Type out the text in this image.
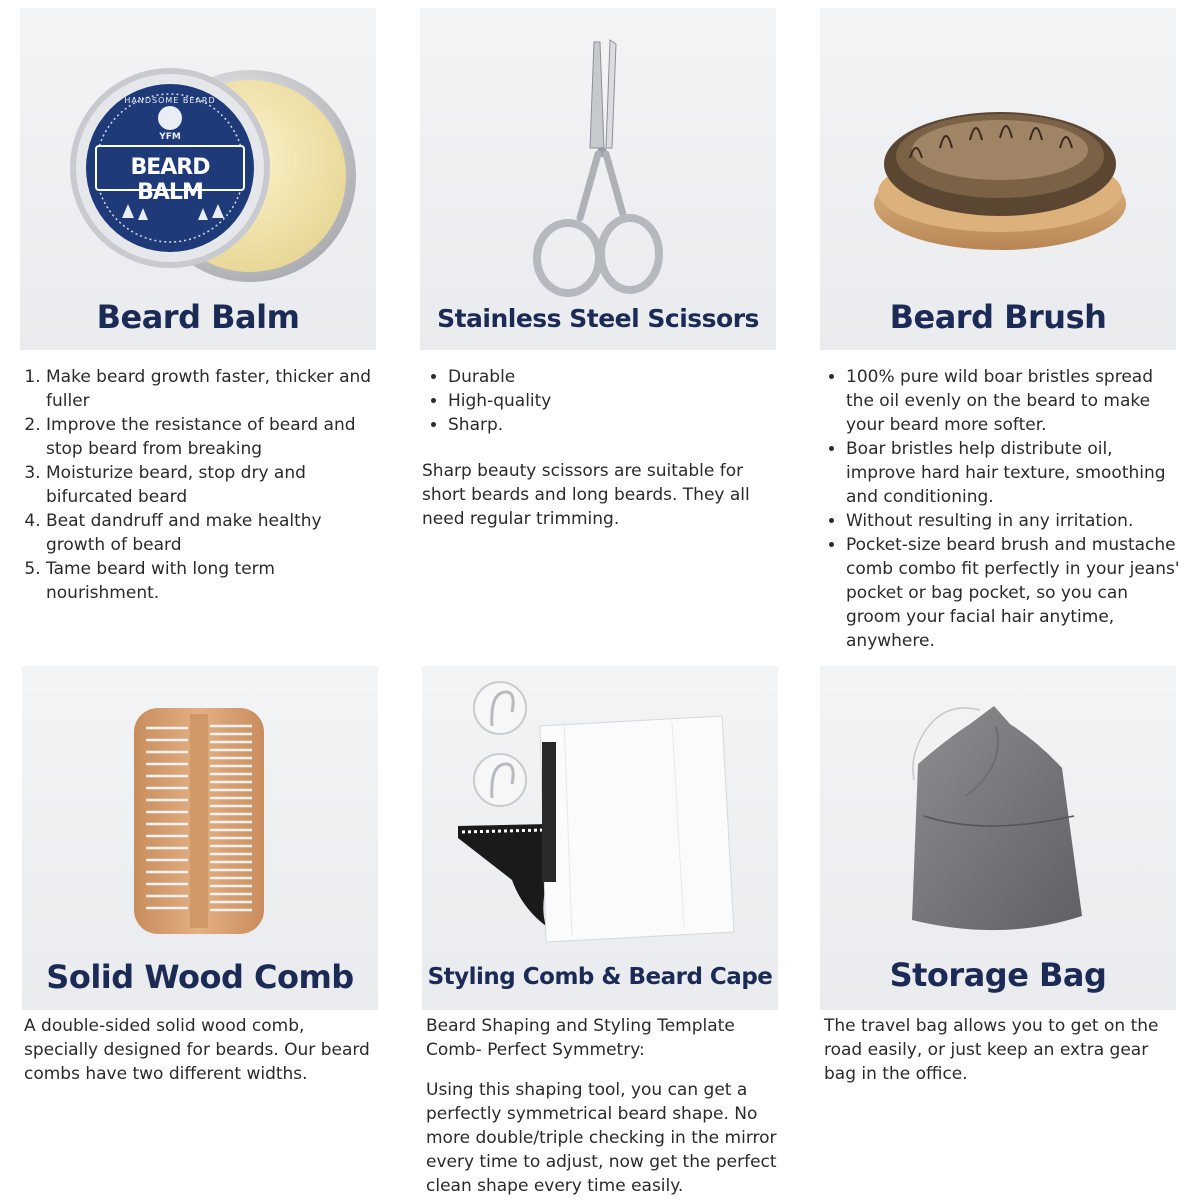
HANDSOME BEARD
YFM
BEARD BALM
Beard Balm
1. Make beard growth faster, thicker and fuller
2. Improve the resistance of beard and stop beard from breaking
3. Moisturize beard, stop dry and bifurcated beard
4. Beat dandruff and make healthy growth of beard
5. Tame beard with long term nourishment.
Stainless Steel Scissors
• Durable
• High-quality
• Sharp.

Sharp beauty scissors are suitable for short beards and long beards. They all need regular trimming.

Beard Brush
• 100% pure wild boar bristles spread the oil evenly on the beard to make your beard more softer.
• Boar bristles help distribute oil, improve hard hair texture, smoothing and conditioning.
• Without resulting in any irritation.
• Pocket-size beard brush and mustache comb combo fit perfectly in your jeans' pocket or bag pocket, so you can groom your facial hair anytime, anywhere.
Solid Wood Comb

A double-sided solid wood comb, specially designed for beards. Our beard combs have two different widths.

Styling Comb & Beard Cape

Beard Shaping and Styling Template Comb- Perfect Symmetry:

Using this shaping tool, you can get a perfectly symmetrical beard shape. No more double/triple checking in the mirror every time to adjust, now get the perfect clean shape every time easily.

Storage Bag

The travel bag allows you to get on the road easily, or just keep an extra gear bag in the office.
